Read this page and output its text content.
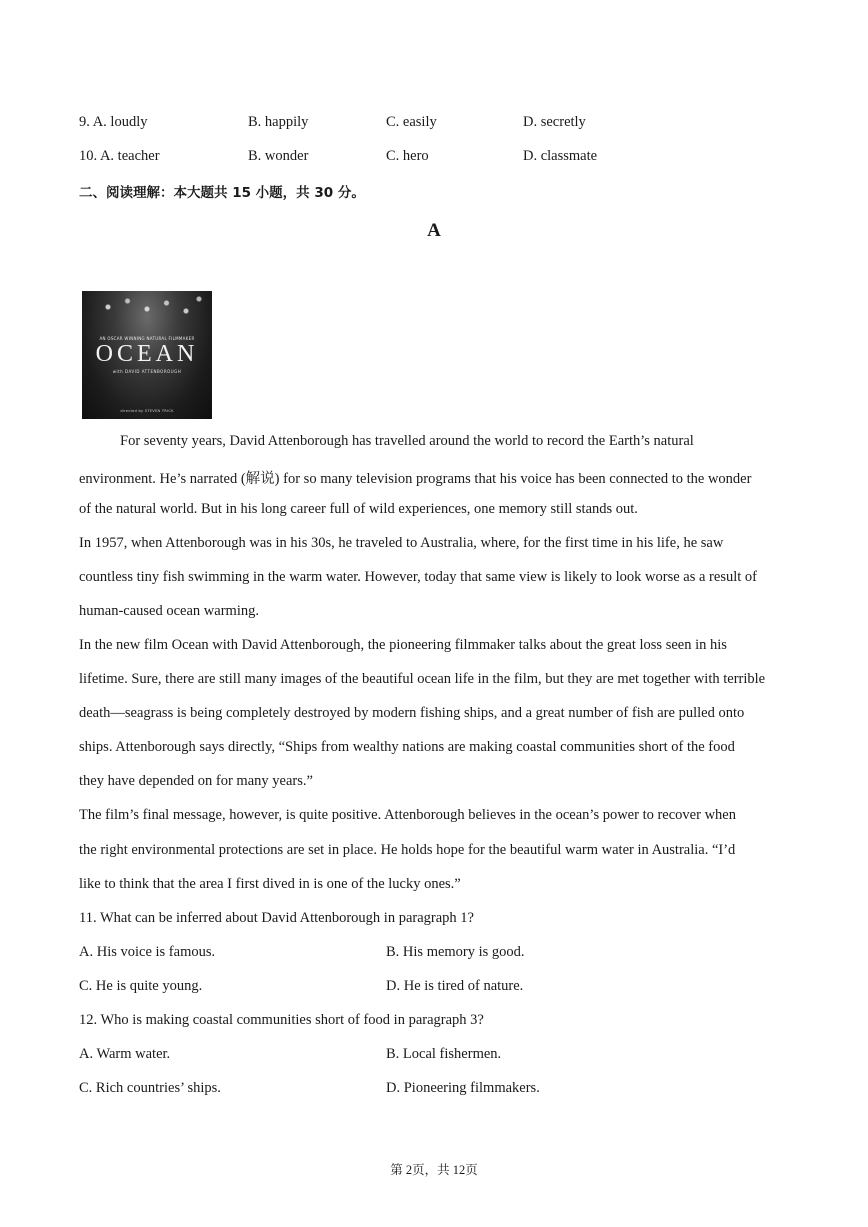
9. A. loudly	B. happily	C. easily	D. secretly
10. A. teacher	B. wonder	C. hero	D. classmate
二、阅读理解：本大题共 15 小题，共 30 分。
A
AN OSCAR WINNING NATURAL FILMMAKER
OCEAN
with DAVID ATTENBOROUGH
directed by STEVEN TRICK
For seventy years, David Attenborough has travelled around the world to record the Earth’s natural
environment. He’s narrated (解说) for so many television programs that his voice has been connected to the wonder
of the natural world. But in his long career full of wild experiences, one memory still stands out.
In 1957, when Attenborough was in his 30s, he traveled to Australia, where, for the first time in his life, he saw
countless tiny fish swimming in the warm water. However, today that same view is likely to look worse as a result of
human-caused ocean warming.
In the new film Ocean with David Attenborough, the pioneering filmmaker talks about the great loss seen in his
lifetime. Sure, there are still many images of the beautiful ocean life in the film, but they are met together with terrible
death—seagrass is being completely destroyed by modern fishing ships, and a great number of fish are pulled onto
ships. Attenborough says directly, “Ships from wealthy nations are making coastal communities short of the food
they have depended on for many years.”
The film’s final message, however, is quite positive. Attenborough believes in the ocean’s power to recover when
the right environmental protections are set in place. He holds hope for the beautiful warm water in Australia. “I’d
like to think that the area I first dived in is one of the lucky ones.”
11. What can be inferred about David Attenborough in paragraph 1?
A. His voice is famous.	B. His memory is good.
C. He is quite young.	D. He is tired of nature.
12. Who is making coastal communities short of food in paragraph 3?
A. Warm water.	B. Local fishermen.
C. Rich countries’ ships.	D. Pioneering filmmakers.
第 2页，共 12页
